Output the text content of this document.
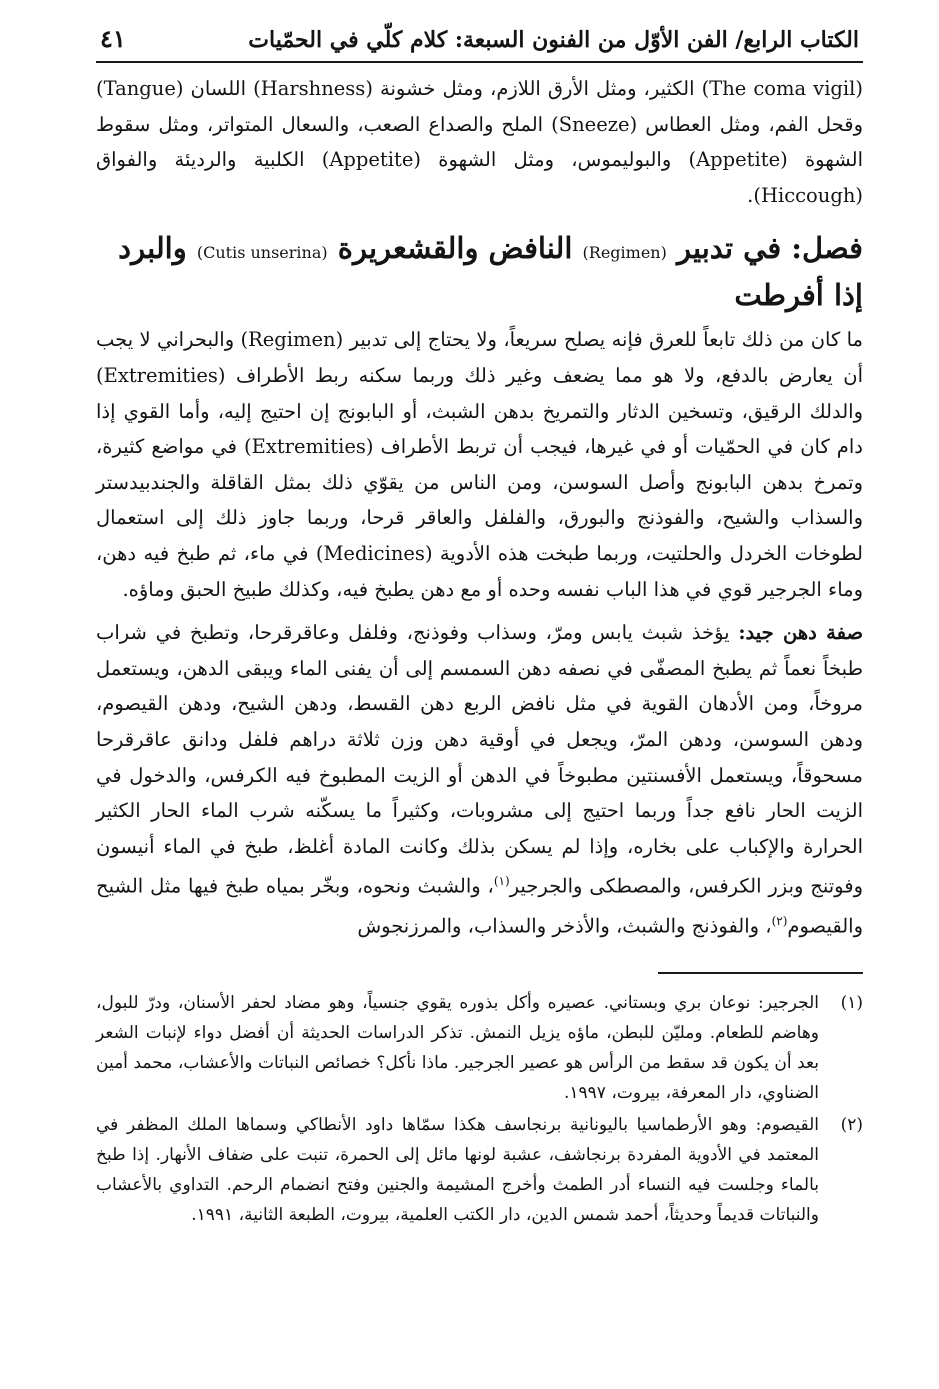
الكتاب الرابع/ الفن الأوّل من الفنون السبعة: كلام كلّي في الحمّيات
٤١

(The coma vigil) الكثير، ومثل الأرق اللازم، ومثل خشونة (Harshness) اللسان (Tangue) وقحل الفم، ومثل العطاس (Sneeze) الملح والصداع الصعب، والسعال المتواتر، ومثل سقوط الشهوة (Appetite) والبوليموس، ومثل الشهوة (Appetite) الكلبية والرديئة والفواق (Hiccough).

فصل: في تدبير (Regimen) النافض والقشعريرة (Cutis unserina) والبرد إذا أفرطت

ما كان من ذلك تابعاً للعرق فإنه يصلح سريعاً، ولا يحتاج إلى تدبير (Regimen) والبحراني لا يجب أن يعارض بالدفع، ولا هو مما يضعف وغير ذلك وربما سكنه ربط الأطراف (Extremities) والدلك الرقيق، وتسخين الدثار والتمريخ بدهن الشبث، أو البابونج إن احتيج إليه، وأما القوي إذا دام كان في الحمّيات أو في غيرها، فيجب أن تربط الأطراف (Extremities) في مواضع كثيرة، وتمرخ بدهن البابونج وأصل السوسن، ومن الناس من يقوّي ذلك بمثل القاقلة والجندبيدستر والسذاب والشيح، والفوذنج والبورق، والفلفل والعاقر قرحا، وربما جاوز ذلك إلى استعمال لطوخات الخردل والحلتيت، وربما طبخت هذه الأدوية (Medicines) في ماء، ثم طبخ فيه دهن، وماء الجرجير قوي في هذا الباب نفسه وحده أو مع دهن يطبخ فيه، وكذلك طبيخ الحبق وماؤه.

صفة دهن جيد: يؤخذ شبث يابس ومرّ، وسذاب وفوذنج، وفلفل وعاقرقرحا، وتطبخ في شراب طبخاً نعماً ثم يطبخ المصفّى في نصفه دهن السمسم إلى أن يفنى الماء ويبقى الدهن، ويستعمل مروخاً، ومن الأدهان القوية في مثل نافض الربع دهن القسط، ودهن الشيح، ودهن القيصوم، ودهن السوسن، ودهن المرّ، ويجعل في أوقية دهن وزن ثلاثة دراهم فلفل ودانق عاقرقرحا مسحوقاً، ويستعمل الأفسنتين مطبوخاً في الدهن أو الزيت المطبوخ فيه الكرفس، والدخول في الزيت الحار نافع جداً وربما احتيج إلى مشروبات، وكثيراً ما يسكّنه شرب الماء الحار الكثير الحرارة والإكباب على بخاره، وإذا لم يسكن بذلك وكانت المادة أغلظ، طبخ في الماء أنيسون وفوتنج وبزر الكرفس، والمصطكى والجرجير$^{(١)}$، والشبث ونحوه، وبخّر بمياه طبخ فيها مثل الشيح والقيصوم$^{(٢)}$، والفوذنج والشبث، والأذخر والسذاب، والمرزنجوش

(١)

الجرجير: نوعان بري وبستاني. عصيره وأكل بذوره يقوي جنسياً، وهو مضاد لحفر الأسنان، ودرّ للبول، وهاضم للطعام. ومليّن للبطن، ماؤه يزيل النمش. تذكر الدراسات الحديثة أن أفضل دواء لإنبات الشعر بعد أن يكون قد سقط من الرأس هو عصير الجرجير. ماذا نأكل؟ خصائص النباتات والأعشاب، محمد أمين الضناوي، دار المعرفة، بيروت، ١٩٩٧.

(٢)

القيصوم: وهو الأرطماسيا باليونانية برنجاسف هكذا سمّاها داود الأنطاكي وسماها الملك المظفر في المعتمد في الأدوية المفردة برنجاشف، عشبة لونها مائل إلى الحمرة، تنبت على ضفاف الأنهار. إذا طبخ بالماء وجلست فيه النساء أدر الطمث وأخرج المشيمة والجنين وفتح انضمام الرحم. التداوي بالأعشاب والنباتات قديماً وحديثاً، أحمد شمس الدين، دار الكتب العلمية، بيروت، الطبعة الثانية، ١٩٩١.
